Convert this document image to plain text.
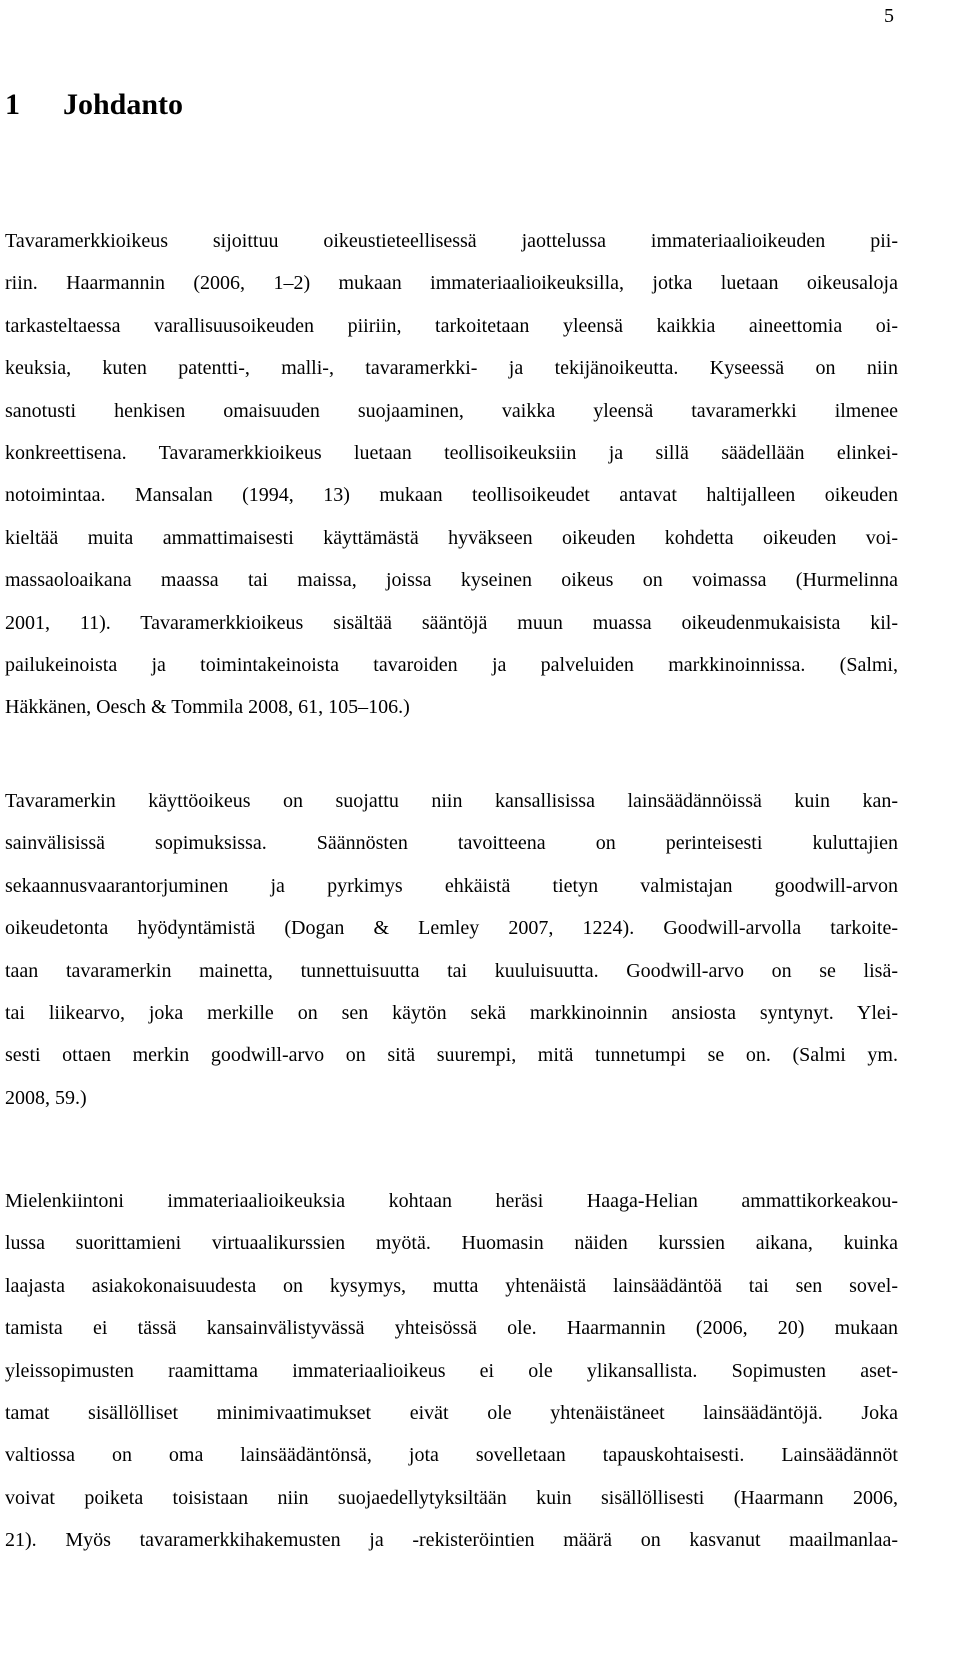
5
1 Johdanto
Tavaramerkkioikeus sijoittuu oikeustieteellisessä jaottelussa immateriaalioikeuden pii-
riin. Haarmannin (2006, 1–2) mukaan immateriaalioikeuksilla, jotka luetaan oikeusaloja
tarkasteltaessa varallisuusoikeuden piiriin, tarkoitetaan yleensä kaikkia aineettomia oi-
keuksia, kuten patentti-, malli-, tavaramerkki- ja tekijänoikeutta. Kyseessä on niin
sanotusti henkisen omaisuuden suojaaminen, vaikka yleensä tavaramerkki ilmenee
konkreettisena. Tavaramerkkioikeus luetaan teollisoikeuksiin ja sillä säädellään elinkei-
notoimintaa. Mansalan (1994, 13) mukaan teollisoikeudet antavat haltijalleen oikeuden
kieltää muita ammattimaisesti käyttämästä hyväkseen oikeuden kohdetta oikeuden voi-
massaoloaikana maassa tai maissa, joissa kyseinen oikeus on voimassa (Hurmelinna
2001, 11). Tavaramerkkioikeus sisältää sääntöjä muun muassa oikeudenmukaisista kil-
pailukeinoista ja toimintakeinoista tavaroiden ja palveluiden markkinoinnissa. (Salmi,
Häkkänen, Oesch & Tommila 2008, 61, 105–106.)
Tavaramerkin käyttöoikeus on suojattu niin kansallisissa lainsäädännöissä kuin kan-
sainvälisissä sopimuksissa. Säännösten tavoitteena on perinteisesti kuluttajien
sekaannusvaarantorjuminen ja pyrkimys ehkäistä tietyn valmistajan goodwill-arvon
oikeudetonta hyödyntämistä (Dogan & Lemley 2007, 1224). Goodwill-arvolla tarkoite-
taan tavaramerkin mainetta, tunnettuisuutta tai kuuluisuutta. Goodwill-arvo on se lisä-
tai liikearvo, joka merkille on sen käytön sekä markkinoinnin ansiosta syntynyt. Ylei-
sesti ottaen merkin goodwill-arvo on sitä suurempi, mitä tunnetumpi se on. (Salmi ym.
2008, 59.)
Mielenkiintoni immateriaalioikeuksia kohtaan heräsi Haaga-Helian ammattikorkeakou-
lussa suorittamieni virtuaalikurssien myötä. Huomasin näiden kurssien aikana, kuinka
laajasta asiakokonaisuudesta on kysymys, mutta yhtenäistä lainsäädäntöä tai sen sovel-
tamista ei tässä kansainvälistyvässä yhteisössä ole. Haarmannin (2006, 20) mukaan
yleissopimusten raamittama immateriaalioikeus ei ole ylikansallista. Sopimusten aset-
tamat sisällölliset minimivaatimukset eivät ole yhtenäistäneet lainsäädäntöjä. Joka
valtiossa on oma lainsäädäntönsä, jota sovelletaan tapauskohtaisesti. Lainsäädännöt
voivat poiketa toisistaan niin suojaedellytyksiltään kuin sisällöllisesti (Haarmann 2006,
21). Myös tavaramerkkihakemusten ja -rekisteröintien määrä on kasvanut maailmanlaa-
